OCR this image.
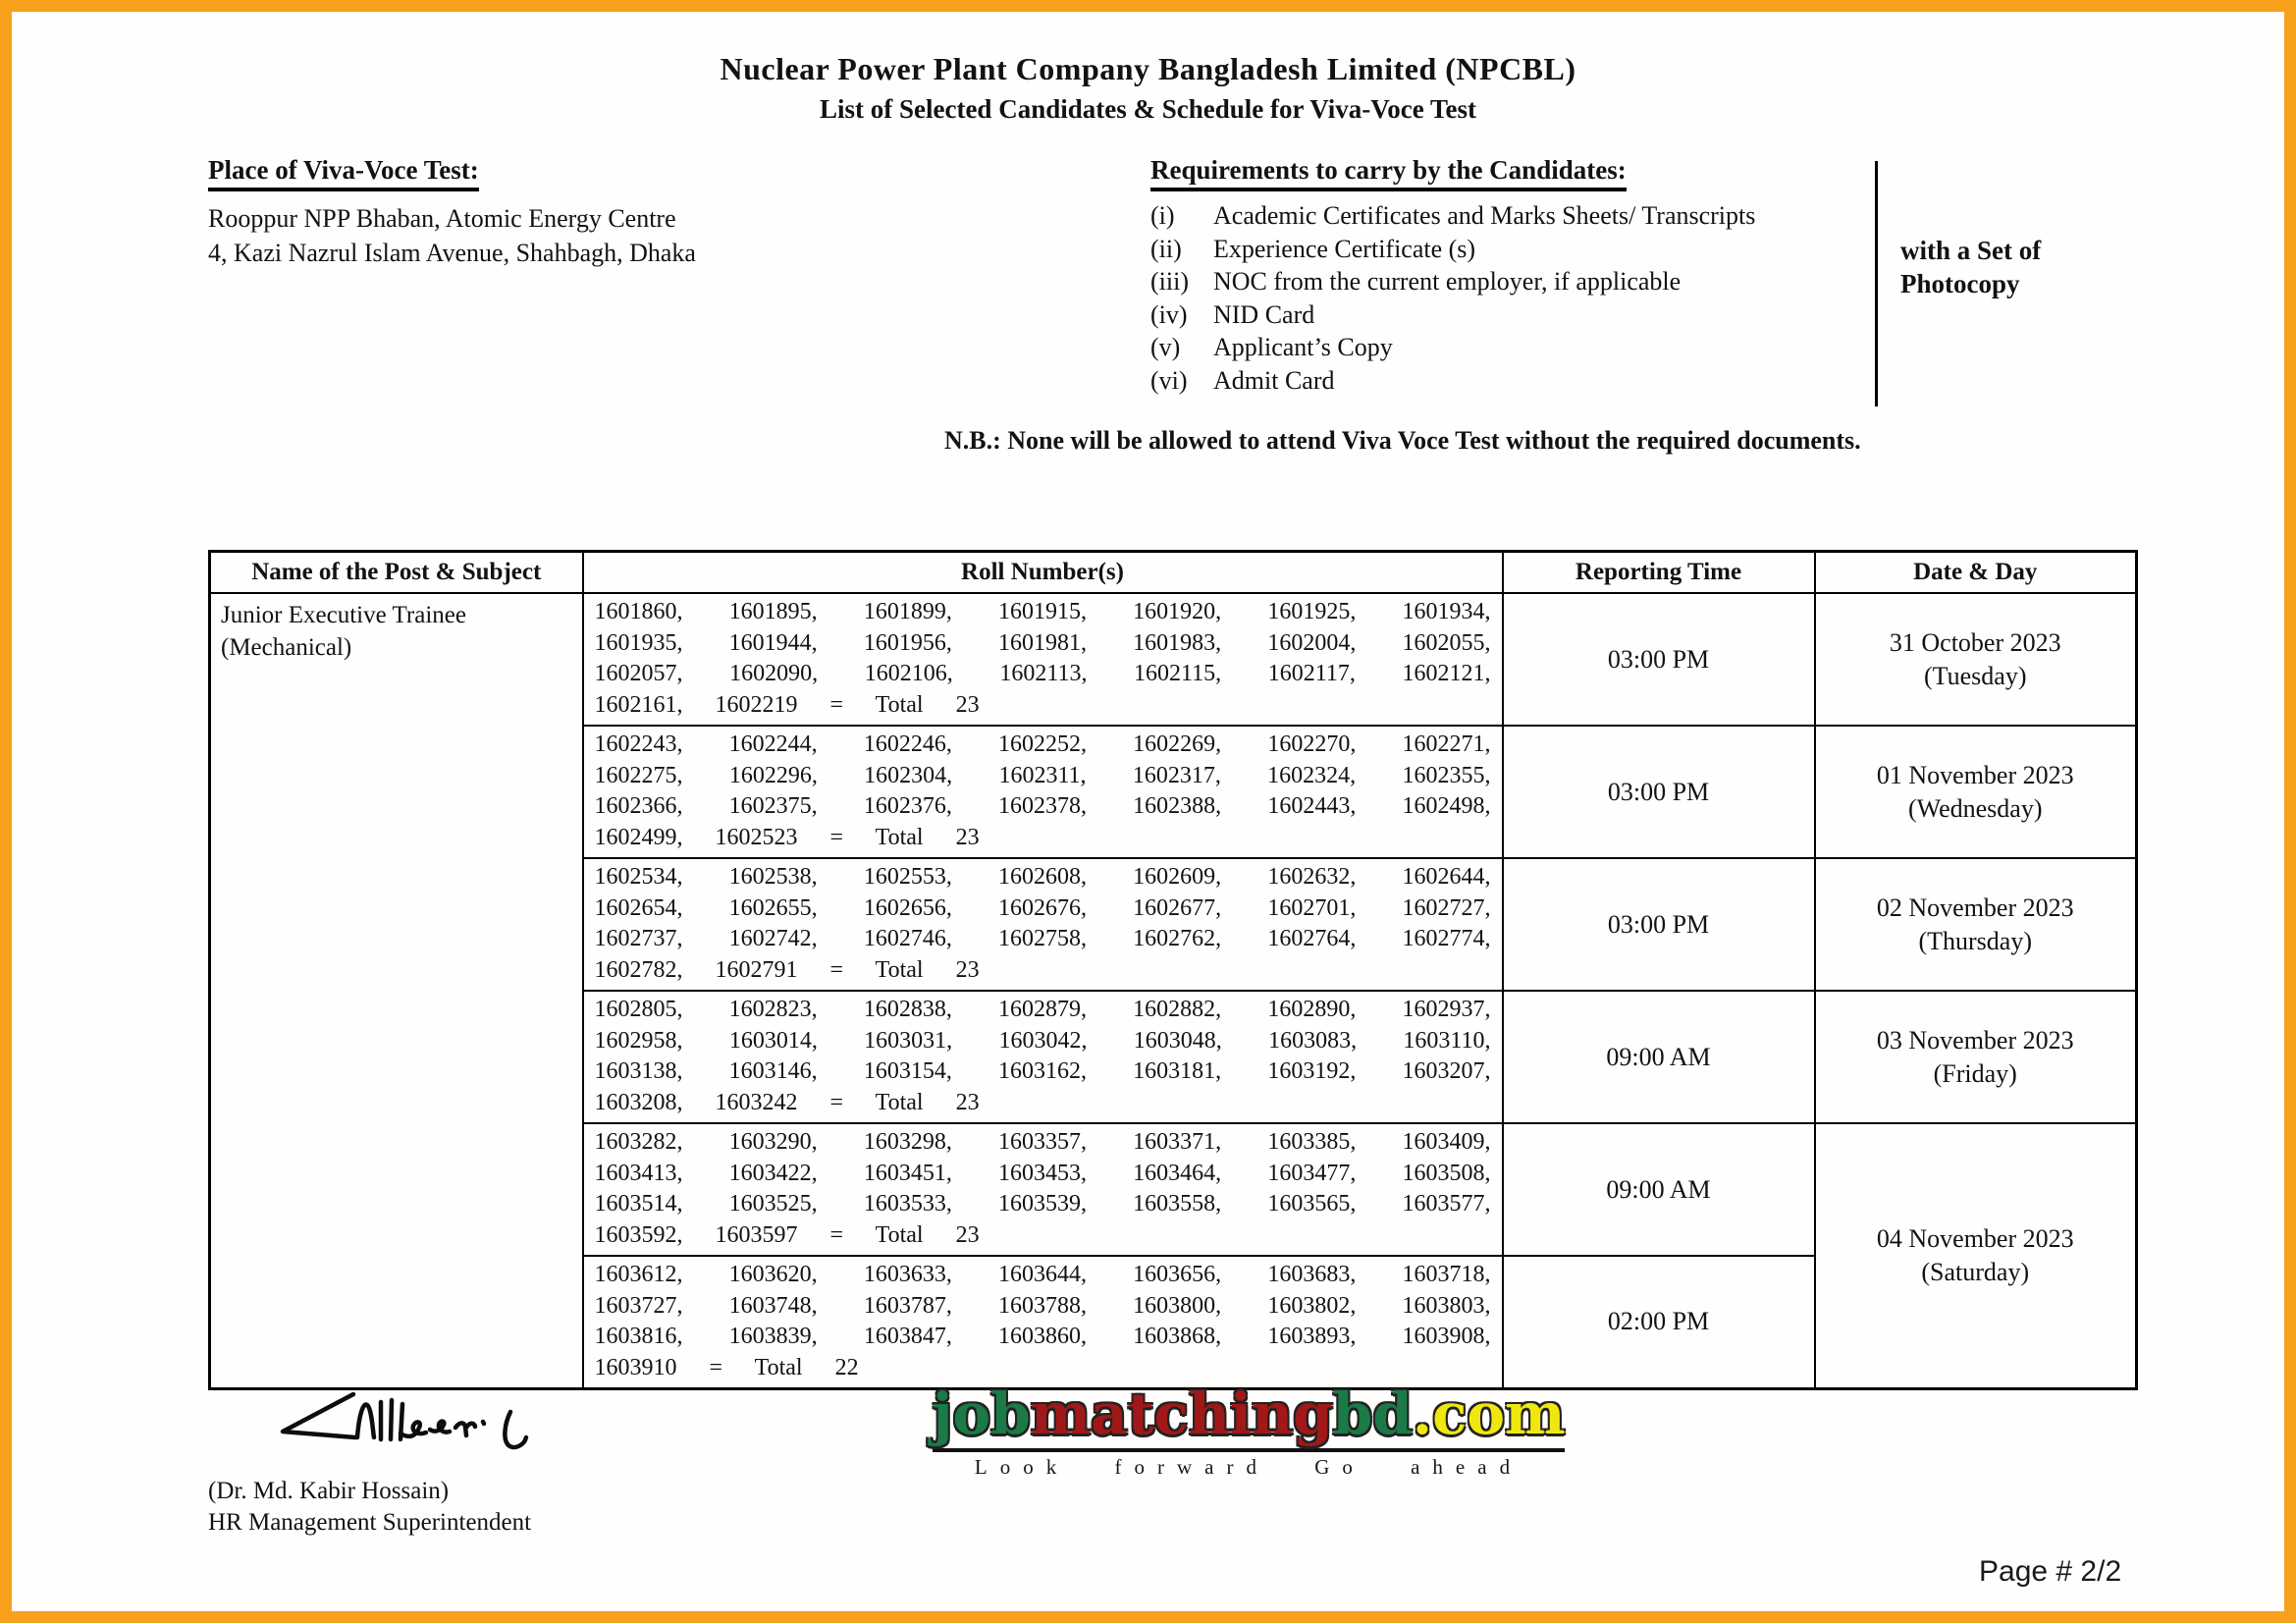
Nuclear Power Plant Company Bangladesh Limited (NPCBL)
List of Selected Candidates & Schedule for Viva-Voce Test
Place of Viva-Voce Test:
Rooppur NPP Bhaban, Atomic Energy Centre
4, Kazi Nazrul Islam Avenue, Shahbagh, Dhaka
Requirements to carry by the Candidates:
(i)	Academic Certificates and Marks Sheets/ Transcripts
(ii)	Experience Certificate (s)
(iii) NOC from the current employer, if applicable
(iv)	NID Card
(v)	Applicant’s Copy
(vi)	Admit Card
with a Set of Photocopy
N.B.: None will be allowed to attend Viva Voce Test without the required documents.
Name of the Post & Subject	Roll Number(s)	Reporting Time	Date & Day
Junior Executive Trainee (Mechanical)	1601860, 1601895, 1601899, 1601915, 1601920, 1601925, 1601934, 1601935, 1601944, 1601956, 1601981, 1601983, 1602004, 1602055, 1602057, 1602090, 1602106, 1602113, 1602115, 1602117, 1602121, 1602161, 1602219 = Total 23	03:00 PM	31 October 2023
(Tuesday)

	1602243, 1602244, 1602246, 1602252, 1602269, 1602270, 1602271, 1602275, 1602296, 1602304, 1602311, 1602317, 1602324, 1602355, 1602366, 1602375, 1602376, 1602378, 1602388, 1602443, 1602498, 1602499, 1602523 = Total 23	03:00 PM	01 November 2023
(Wednesday)

	1602534, 1602538, 1602553, 1602608, 1602609, 1602632, 1602644, 1602654, 1602655, 1602656, 1602676, 1602677, 1602701, 1602727, 1602737, 1602742, 1602746, 1602758, 1602762, 1602764, 1602774, 1602782, 1602791 = Total 23	03:00 PM	02 November 2023
(Thursday)

	1602805, 1602823, 1602838, 1602879, 1602882, 1602890, 1602937, 1602958, 1603014, 1603031, 1603042, 1603048, 1603083, 1603110, 1603138, 1603146, 1603154, 1603162, 1603181, 1603192, 1603207, 1603208, 1603242 = Total 23	09:00 AM	03 November 2023
(Friday)

	1603282, 1603290, 1603298, 1603357, 1603371, 1603385, 1603409, 1603413, 1603422, 1603451, 1603453, 1603464, 1603477, 1603508, 1603514, 1603525, 1603533, 1603539, 1603558, 1603565, 1603577, 1603592, 1603597 = Total 23	09:00 AM	04 November 2023
(Saturday)

	1603612, 1603620, 1603633, 1603644, 1603656, 1603683, 1603718, 1603727, 1603748, 1603787, 1603788, 1603800, 1603802, 1603803, 1603816, 1603839, 1603847, 1603860, 1603868, 1603893, 1603908, 1603910 = Total 22	02:00 PM	
(Dr. Md. Kabir Hossain)
HR Management Superintendent
jobmatchingbd.com
Look forward Go ahead
Page # 2/2
